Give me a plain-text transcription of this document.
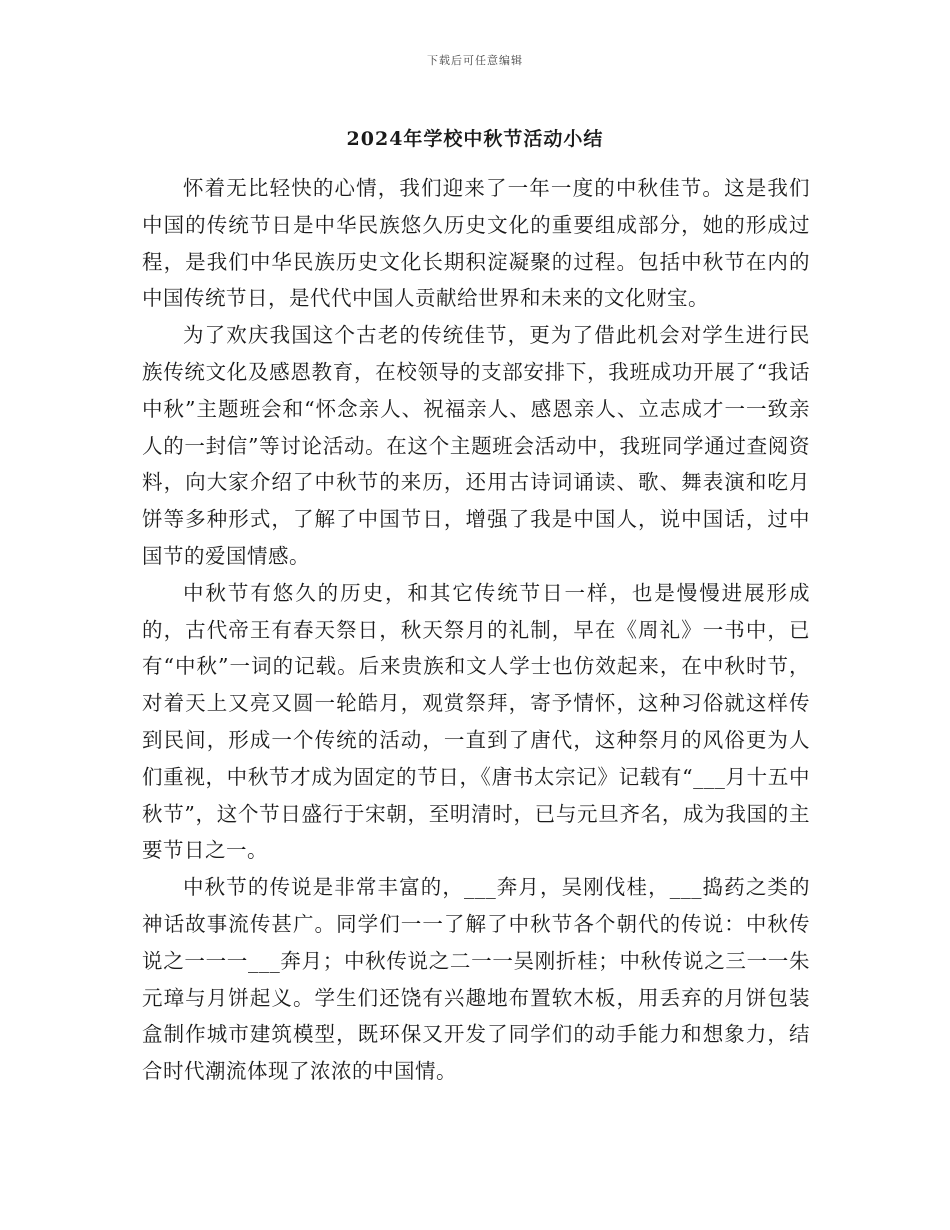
下载后可任意编辑
2024年学校中秋节活动小结

怀着无比轻快的心情，我们迎来了一年一度的中秋佳节。这是我们中国的传统节日是中华民族悠久历史文化的重要组成部分，她的形成过程，是我们中华民族历史文化长期积淀凝聚的过程。包括中秋节在内的中国传统节日，是代代中国人贡献给世界和未来的文化财宝。

为了欢庆我国这个古老的传统佳节，更为了借此机会对学生进行民族传统文化及感恩教育，在校领导的支部安排下，我班成功开展了“我话中秋”主题班会和“怀念亲人、祝福亲人、感恩亲人、立志成才一一致亲人的一封信”等讨论活动。在这个主题班会活动中，我班同学通过查阅资料，向大家介绍了中秋节的来历，还用古诗词诵读、歌、舞表演和吃月饼等多种形式，了解了中国节日，增强了我是中国人，说中国话，过中国节的爱国情感。

中秋节有悠久的历史，和其它传统节日一样，也是慢慢进展形成的，古代帝王有春天祭日，秋天祭月的礼制，早在《周礼》一书中，已有“中秋”一词的记载。后来贵族和文人学士也仿效起来，在中秋时节，对着天上又亮又圆一轮皓月，观赏祭拜，寄予情怀，这种习俗就这样传到民间，形成一个传统的活动，一直到了唐代，这种祭月的风俗更为人们重视，中秋节才成为固定的节日，《唐书太宗记》记载有“___月十五中秋节”，这个节日盛行于宋朝，至明清时，已与元旦齐名，成为我国的主要节日之一。

中秋节的传说是非常丰富的，___奔月，吴刚伐桂，___捣药之类的神话故事流传甚广。同学们一一了解了中秋节各个朝代的传说：中秋传说之一一一___奔月；中秋传说之二一一吴刚折桂；中秋传说之三一一朱元璋与月饼起义。学生们还饶有兴趣地布置软木板，用丢弃的月饼包装盒制作城市建筑模型，既环保又开发了同学们的动手能力和想象力，结合时代潮流体现了浓浓的中国情。
